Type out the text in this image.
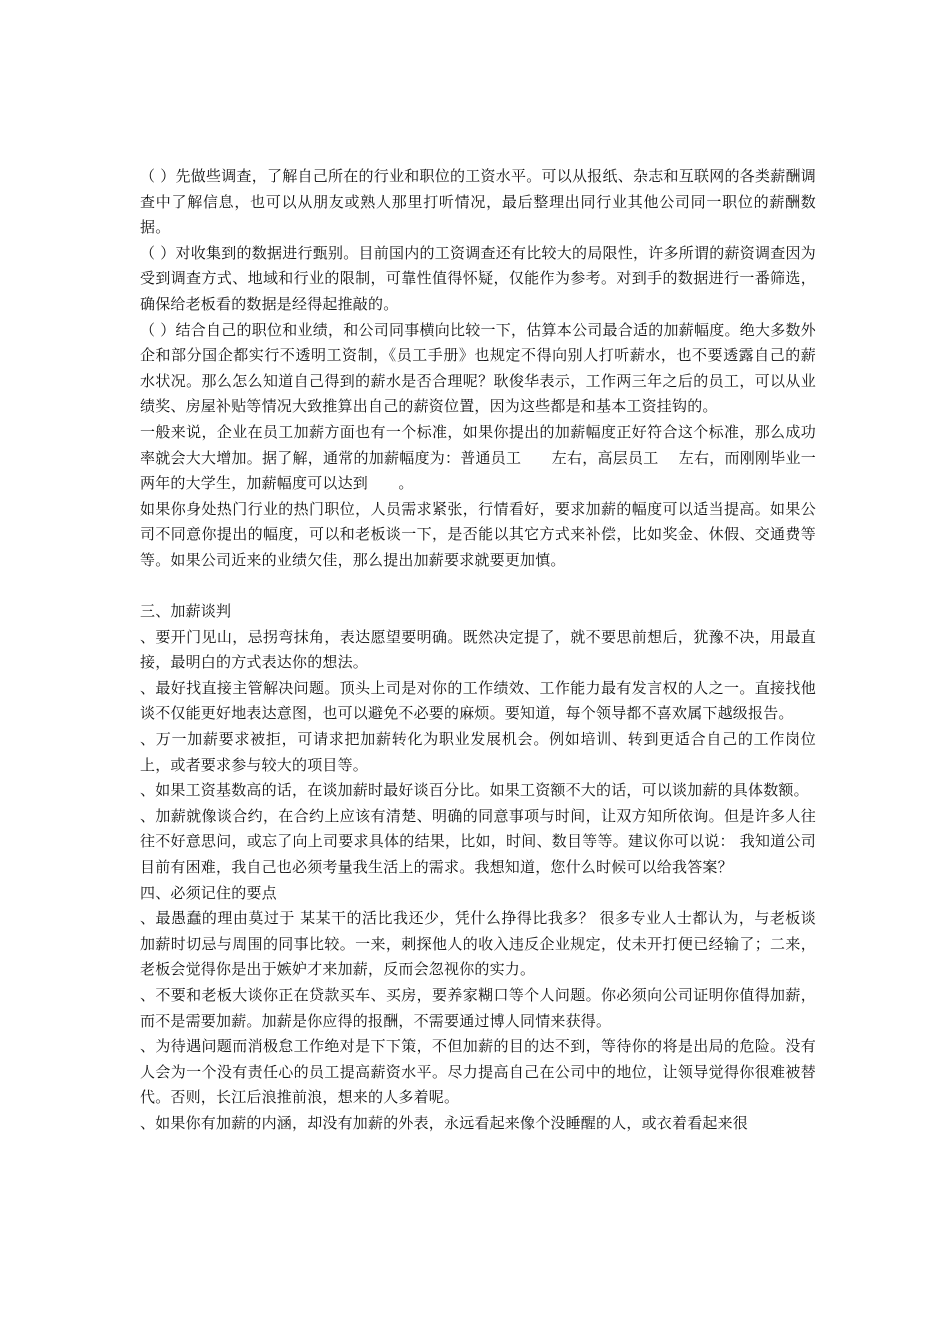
（ ）先做些调查，了解自己所在的行业和职位的工资水平。可以从报纸、杂志和互联网的各类薪酬调查中了解信息，也可以从朋友或熟人那里打听情况，最后整理出同行业其他公司同一职位的薪酬数据。

（ ）对收集到的数据进行甄别。目前国内的工资调查还有比较大的局限性，许多所谓的薪资调查因为受到调查方式、地域和行业的限制，可靠性值得怀疑，仅能作为参考。对到手的数据进行一番筛选，确保给老板看的数据是经得起推敲的。

（ ）结合自己的职位和业绩，和公司同事横向比较一下，估算本公司最合适的加薪幅度。绝大多数外企和部分国企都实行不透明工资制，《员工手册》也规定不得向别人打听薪水，也不要透露自己的薪水状况。那么怎么知道自己得到的薪水是否合理呢？耿俊华表示，工作两三年之后的员工，可以从业绩奖、房屋补贴等情况大致推算出自己的薪资位置，因为这些都是和基本工资挂钩的。

一般来说，企业在员工加薪方面也有一个标准，如果你提出的加薪幅度正好符合这个标准，那么成功率就会大大增加。据了解，通常的加薪幅度为：普通员工　　左右，高层员工　 左右，而刚刚毕业一两年的大学生，加薪幅度可以达到　　。

如果你身处热门行业的热门职位，人员需求紧张，行情看好，要求加薪的幅度可以适当提高。如果公司不同意你提出的幅度，可以和老板谈一下，是否能以其它方式来补偿，比如奖金、休假、交通费等等。如果公司近来的业绩欠佳，那么提出加薪要求就要更加慎。

三、加薪谈判

、要开门见山，忌拐弯抹角，表达愿望要明确。既然决定提了，就不要思前想后，犹豫不决，用最直接，最明白的方式表达你的想法。

、最好找直接主管解决问题。顶头上司是对你的工作绩效、工作能力最有发言权的人之一。直接找他谈不仅能更好地表达意图，也可以避免不必要的麻烦。要知道，每个领导都不喜欢属下越级报告。

、万一加薪要求被拒，可请求把加薪转化为职业发展机会。例如培训、转到更适合自己的工作岗位上，或者要求参与较大的项目等。

、如果工资基数高的话，在谈加薪时最好谈百分比。如果工资额不大的话，可以谈加薪的具体数额。

、加薪就像谈合约，在合约上应该有清楚、明确的同意事项与时间，让双方知所依询。但是许多人往往不好意思问，或忘了向上司要求具体的结果，比如，时间、数目等等。建议你可以说： 我知道公司目前有困难，我自己也必须考量我生活上的需求。我想知道，您什么时候可以给我答案？

四、必须记住的要点

、最愚蠢的理由莫过于 某某干的活比我还少，凭什么挣得比我多？ 很多专业人士都认为，与老板谈加薪时切忌与周围的同事比较。一来，刺探他人的收入违反企业规定，仗未开打便已经输了；二来，老板会觉得你是出于嫉妒才来加薪，反而会忽视你的实力。

、不要和老板大谈你正在贷款买车、买房，要养家糊口等个人问题。你必须向公司证明你值得加薪，而不是需要加薪。加薪是你应得的报酬，不需要通过博人同情来获得。

、为待遇问题而消极怠工作绝对是下下策，不但加薪的目的达不到，等待你的将是出局的危险。没有人会为一个没有责任心的员工提高薪资水平。尽力提高自己在公司中的地位，让领导觉得你很难被替代。否则，长江后浪推前浪，想来的人多着呢。

、如果你有加薪的内涵，却没有加薪的外表，永远看起来像个没睡醒的人，或衣着看起来很
